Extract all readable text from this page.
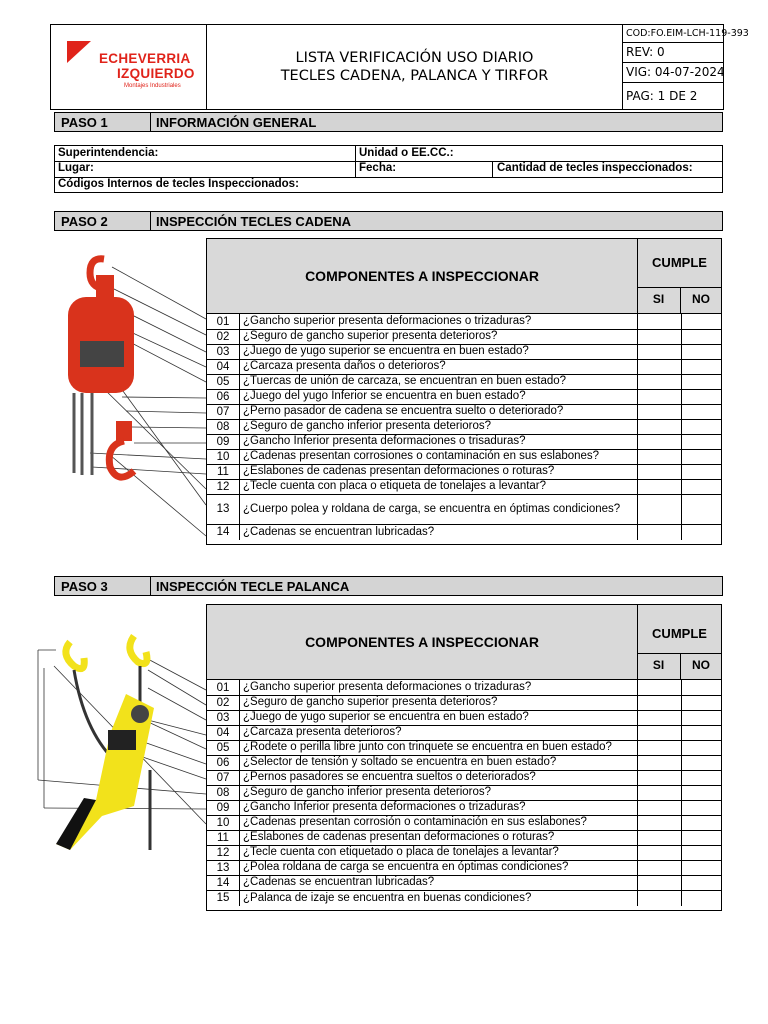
ECHEVERRIA
IZQUIERDO
Montajes Industriales
LISTA VERIFICACIÓN USO DIARIO
TECLES CADENA, PALANCA Y TIRFOR
COD:FO.EIM-LCH-119-393
REV: 0
VIG: 04-07-2024
PAG: 1 DE 2
PASO 1	INFORMACIÓN GENERAL
Superintendencia:	Unidad o EE.CC.:
Lugar:	Fecha:	Cantidad de tecles inspeccionados:
Códigos Internos de tecles Inspeccionados:
PASO 2	INSPECCIÓN TECLES CADENA
COMPONENTES A INSPECCIONAR
CUMPLE
SI	NO
01	¿Gancho superior presenta deformaciones o trizaduras?
02	¿Seguro de gancho superior presenta deterioros?
03	¿Juego de yugo superior se encuentra en buen estado?
04	¿Carcaza presenta daños o deterioros?
05	¿Tuercas de unión de carcaza, se encuentran en buen estado?
06	¿Juego del yugo Inferior se encuentra en buen estado?
07	¿Perno pasador de cadena se encuentra suelto o deteriorado?
08	¿Seguro de gancho inferior presenta deterioros?
09	¿Gancho Inferior presenta deformaciones o trisaduras?
10	¿Cadenas presentan corrosiones o contaminación en sus eslabones?
11	¿Eslabones de cadenas presentan deformaciones o roturas?
12	¿Tecle cuenta con placa o etiqueta de tonelajes a levantar?
13	¿Cuerpo polea y roldana de carga, se encuentra en óptimas condiciones?
14	¿Cadenas se encuentran lubricadas?
PASO 3	INSPECCIÓN TECLE PALANCA
COMPONENTES A INSPECCIONAR
CUMPLE
SI	NO
01	¿Gancho superior presenta deformaciones o trizaduras?
02	¿Seguro de gancho superior presenta deterioros?
03	¿Juego de yugo superior se encuentra en buen estado?
04	¿Carcaza presenta deterioros?
05	¿Rodete o perilla libre junto con trinquete se encuentra en buen estado?
06	¿Selector de tensión y soltado se encuentra en buen estado?
07	¿Pernos pasadores se encuentra sueltos o deteriorados?
08	¿Seguro de gancho inferior presenta deterioros?
09	¿Gancho Inferior presenta deformaciones o trizaduras?
10	¿Cadenas presentan corrosión o contaminación en sus eslabones?
11	¿Eslabones de cadenas presentan deformaciones o roturas?
12	¿Tecle cuenta con etiquetado o placa de tonelajes a levantar?
13	¿Polea roldana de carga se encuentra en óptimas condiciones?
14	¿Cadenas se encuentran lubricadas?
15	¿Palanca de izaje se encuentra en buenas condiciones?
